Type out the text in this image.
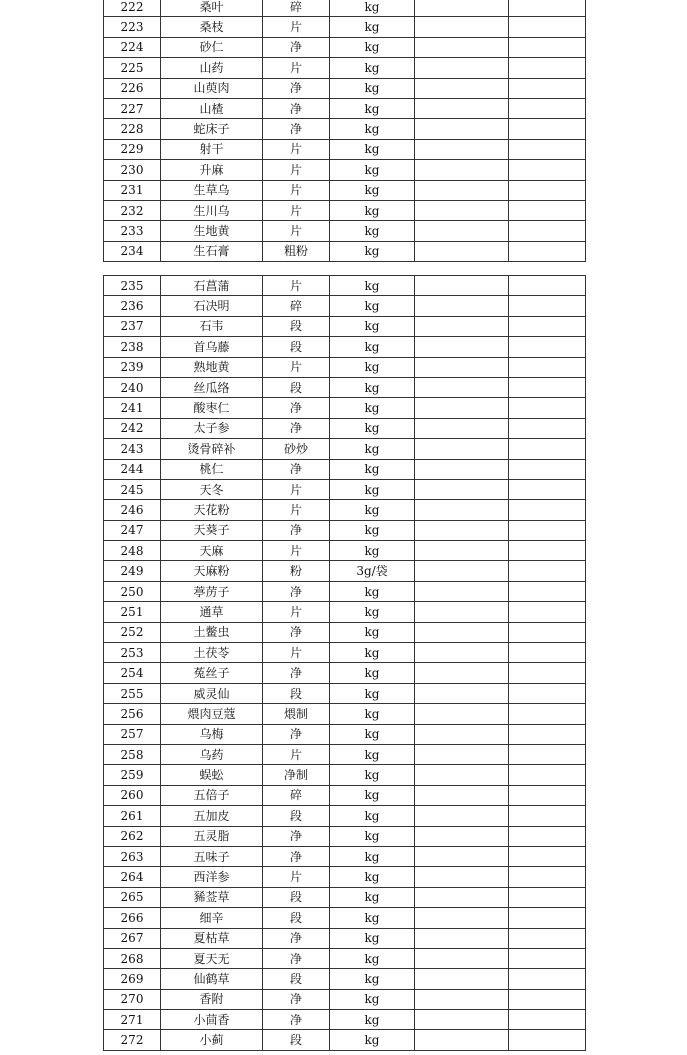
222	桑叶	碎	kg		
223	桑枝	片	kg		
224	砂仁	净	kg		
225	山药	片	kg		
226	山萸肉	净	kg		
227	山楂	净	kg		
228	蛇床子	净	kg		
229	射干	片	kg		
230	升麻	片	kg		
231	生草乌	片	kg		
232	生川乌	片	kg		
233	生地黄	片	kg		
234	生石膏	粗粉	kg		
235	石菖蒲	片	kg		
236	石决明	碎	kg		
237	石韦	段	kg		
238	首乌藤	段	kg		
239	熟地黄	片	kg		
240	丝瓜络	段	kg		
241	酸枣仁	净	kg		
242	太子参	净	kg		
243	烫骨碎补	砂炒	kg		
244	桃仁	净	kg		
245	天冬	片	kg		
246	天花粉	片	kg		
247	天葵子	净	kg		
248	天麻	片	kg		
249	天麻粉	粉	3g/袋		
250	葶苈子	净	kg		
251	通草	片	kg		
252	土鳖虫	净	kg		
253	土茯苓	片	kg		
254	菟丝子	净	kg		
255	威灵仙	段	kg		
256	煨肉豆蔻	煨制	kg		
257	乌梅	净	kg		
258	乌药	片	kg		
259	蜈蚣	净制	kg		
260	五倍子	碎	kg		
261	五加皮	段	kg		
262	五灵脂	净	kg		
263	五味子	净	kg		
264	西洋参	片	kg		
265	豨莶草	段	kg		
266	细辛	段	kg		
267	夏枯草	净	kg		
268	夏天无	净	kg		
269	仙鹤草	段	kg		
270	香附	净	kg		
271	小茴香	净	kg		
272	小蓟	段	kg		
